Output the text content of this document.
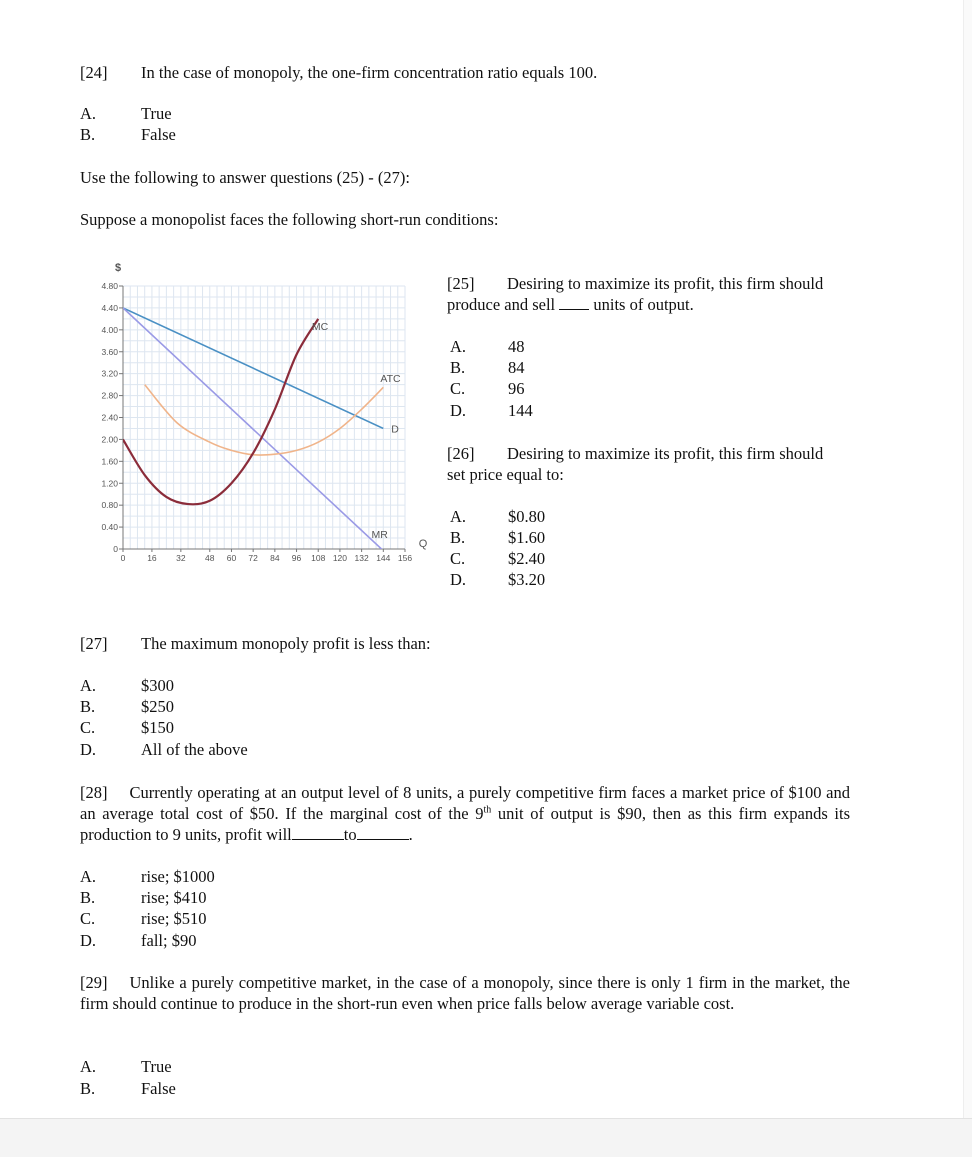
[24] In the case of monopoly, the one-firm concentration ratio equals 100.
A.	True
B.	False
Use the following to answer questions (25) - (27):
Suppose a monopolist faces the following short-run conditions:
0
0.40
0.80
1.20
1.60
2.00
2.40
2.80
3.20
3.60
4.00
4.40
4.80
0	16 32 48 60 72 84 96 108 120 132 144 156
$
Q
D
MR
ATC
MC
[25] Desiring to maximize its profit, this firm should
produce and sell units of output.
A.	48
B.	84
C.	96
D.	144
[26] Desiring to maximize its profit, this firm should
set price equal to:
A.	$0.80
B.	$1.60
C.	$2.40
D.	$3.20
[27] The maximum monopoly profit is less than:
A.	$300
B.	$250
C.	$150
D.	All of the above
[28] Currently operating at an output level of 8 units, a purely competitive firm faces a market price of $100 and an average total cost of $50. If the marginal cost of the 9th unit of output is $90, then as this firm expands its production to 9 units, profit will	to	.
A.	rise; $1000
B.	rise; $410
C.	rise; $510
D.	fall; $90
[29] Unlike a purely competitive market, in the case of a monopoly, since there is only 1 firm in the market, the firm should continue to produce in the short-run even when price falls below average variable cost.
A.	True
B.	False
